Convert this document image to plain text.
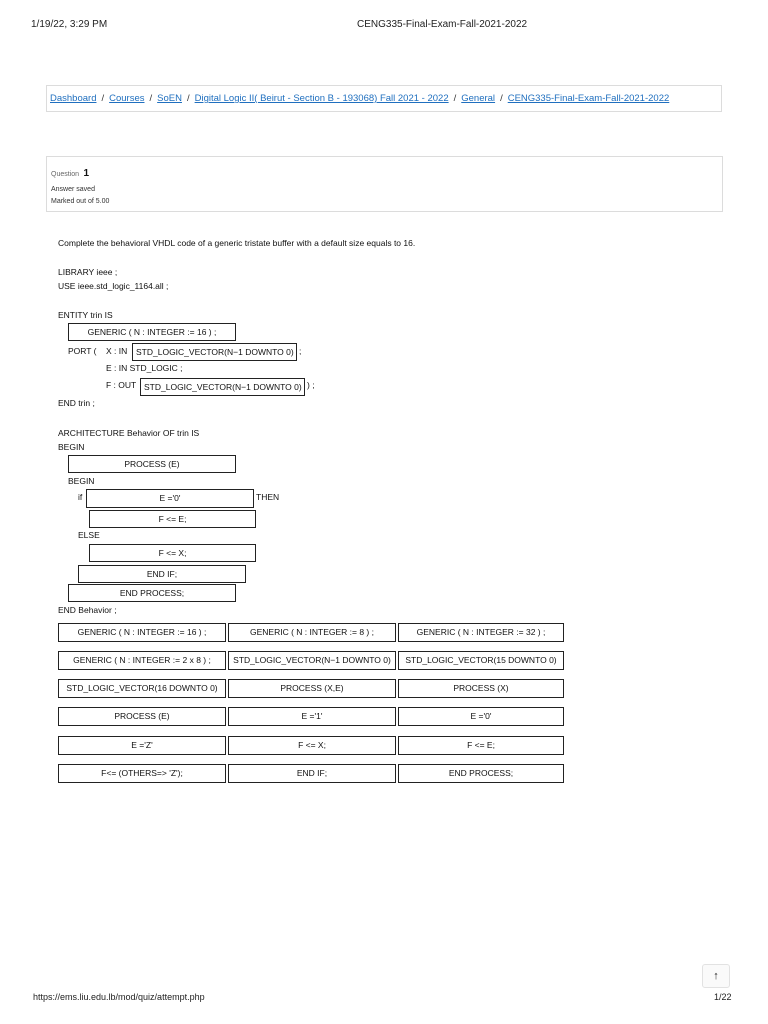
1/19/22, 3:29 PM	CENG335-Final-Exam-Fall-2021-2022
Dashboard / Courses / SoEN / Digital Logic II( Beirut - Section B - 193068) Fall 2021 - 2022 / General / CENG335-Final-Exam-Fall-2021-2022
Question 1
Answer saved
Marked out of 5.00
Complete the behavioral VHDL code of a generic tristate buffer with a default size equals to 16.
LIBRARY ieee ;
USE ieee.std_logic_1164.all ;
ENTITY trin IS
GENERIC ( N : INTEGER := 16 ) ;
PORT ( X : IN	STD_LOGIC_VECTOR(N−1 DOWNTO 0) ;
E : IN STD_LOGIC ;
F : OUT STD_LOGIC_VECTOR(N−1 DOWNTO 0) ) ;
END trin ;
ARCHITECTURE Behavior OF trin IS
BEGIN
PROCESS (E)
BEGIN
if	E ='0'	THEN
F <= E;
ELSE
F <= X;
END IF;
END PROCESS;
END Behavior ;
GENERIC ( N : INTEGER := 16 ) ;	GENERIC ( N : INTEGER := 8 ) ;	GENERIC ( N : INTEGER := 32 ) ;
GENERIC ( N : INTEGER := 2 x 8 ) ;	STD_LOGIC_VECTOR(N−1 DOWNTO 0)	STD_LOGIC_VECTOR(15 DOWNTO 0)
STD_LOGIC_VECTOR(16 DOWNTO 0)	PROCESS (X,E)	PROCESS (X)
PROCESS (E)	E ='1'	E ='0'
E ='Z'	F <= X;	F <= E;
F<= (OTHERS=> 'Z');	END IF;	END PROCESS;
↑
https://ems.liu.edu.lb/mod/quiz/attempt.php	1/22
